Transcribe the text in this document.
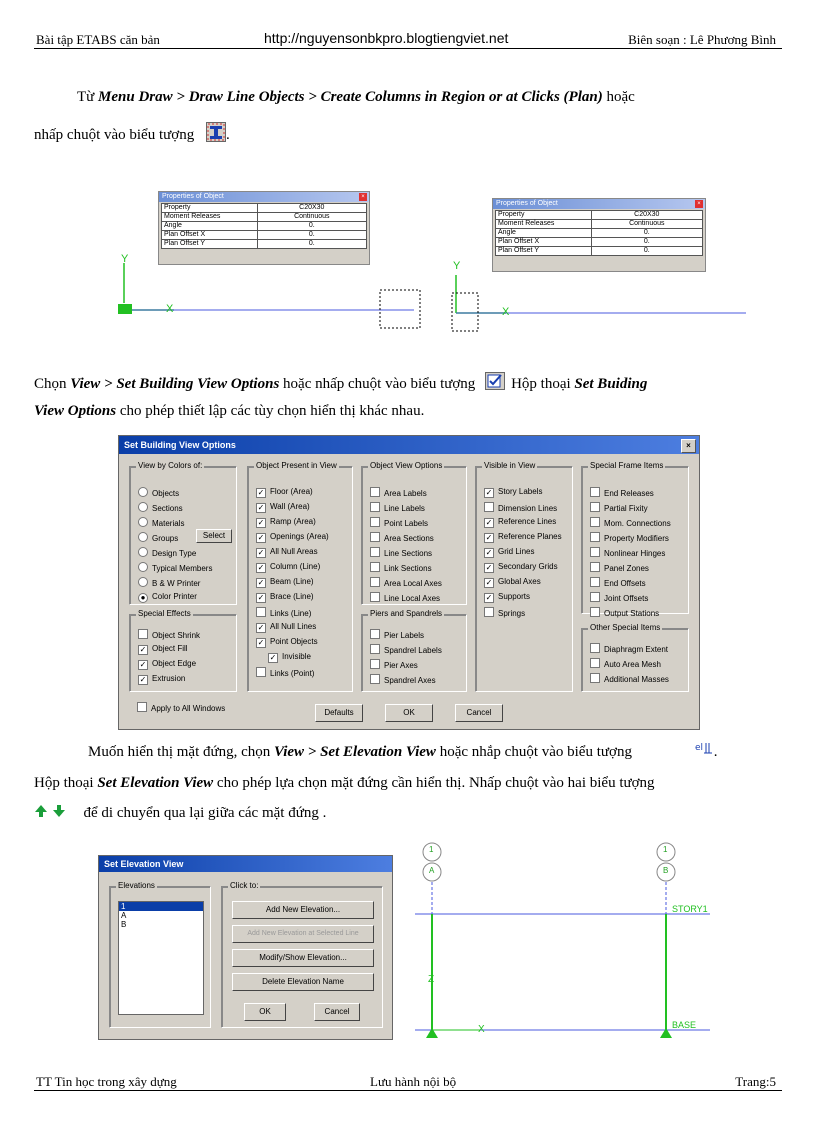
Bài tập ETABS căn bản	http://nguyensonbkpro.blogtiengviet.net	Biên soạn : Lê Phương Bình
Từ Menu Draw > Draw Line Objects > Create Columns in Region or at Clicks (Plan) hoặc
nhấp chuột vào biểu tượng .
Properties of Object	×
Property	C20X30
Moment Releases	Continuous
Angle	0.
Plan Offset X	0.
Plan Offset Y	0.
Y
X
Properties of Object	×
Property	C20X30
Moment Releases	Continuous
Angle	0.
Plan Offset X	0.
Plan Offset Y	0.
Y
X
Chọn View > Set Building View Options hoặc nhấp chuột vào biểu tượng Hộp thoại Set Buiding
View Options cho phép thiết lập các tùy chọn hiển thị khác nhau.
Set Building View Options	×
View by Colors of:
Objects
Sections
Materials
Groups	Select
Design Type
Typical Members
B & W Printer
● Color Printer
Special Effects
Object Shrink
✓ Object Fill
✓ Object Edge
✓ Extrusion
Object Present in View
✓ Floor (Area)
✓ Wall (Area)
✓ Ramp (Area)
✓ Openings (Area)
✓ All Null Areas
✓ Column (Line)
✓ Beam (Line)
✓ Brace (Line)
Links (Line)
✓ All Null Lines
✓ Point Objects
✓ Invisible
Links (Point)
Object View Options
Area Labels
Line Labels
Point Labels
Area Sections
Line Sections
Link Sections
Area Local Axes
Line Local Axes
Piers and Spandrels
Pier Labels
Spandrel Labels
Pier Axes
Spandrel Axes
Visible in View
✓ Story Labels
Dimension Lines
✓ Reference Lines
✓ Reference Planes
✓ Grid Lines
✓ Secondary Grids
✓ Global Axes
✓ Supports
Springs
Special Frame Items
End Releases
Partial Fixity
Mom. Connections
Property Modifiers
Nonlinear Hinges
Panel Zones
End Offsets
Joint Offsets
Output Stations
Other Special Items
Diaphragm Extent
Auto Area Mesh
Additional Masses
Apply to All Windows	Defaults	OK	Cancel
Muốn hiển thị mặt đứng, chọn View > Set Elevation View hoặc nhắp chuột vào biểu tượng	el .
Hộp thoại Set Elevation View cho phép lựa chọn mặt đứng cần hiển thị. Nhấp chuột vào hai biểu tượng
để di chuyển qua lại giữa các mặt đứng .
Set Elevation View
Elevations
1
A
B
Click to:
Add New Elevation...
Add New Elevation at Selected Line
Modify/Show Elevation...
Delete Elevation Name
OK	Cancel
1
A
1
B
STORY1
BASE
Z
X
TT Tin học trong xây dựng	Lưu hành nội bộ	Trang:5
